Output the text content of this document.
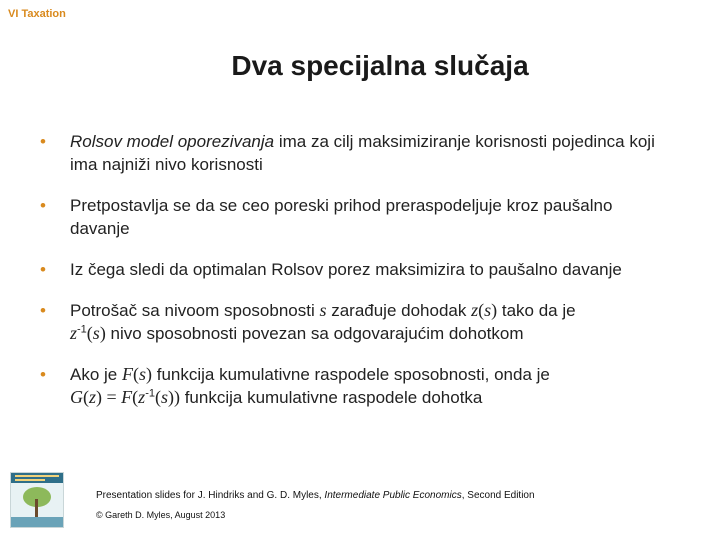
VI Taxation
Dva specijalna slučaja
• Rolsov model oporezivanja ima za cilj maksimiziranje korisnosti pojedinca koji ima najniži nivo korisnosti
• Pretpostavlja se da se ceo poreski prihod preraspodeljuje kroz paušalno davanje
• Iz čega sledi da optimalan Rolsov porez maksimizira to paušalno davanje
• Potrošač sa nivoom sposobnosti s zarađuje dohodak z(s) tako da je
$z^{-1}(s)$ nivo sposobnosti povezan sa odgovarajućim dohotkom
• Ako je F(s) funkcija kumulativne raspodele sposobnosti, onda je
$G(z) = F(z^{-1}(s))$ funkcija kumulativne raspodele dohotka
Presentation slides for J. Hindriks and G. D. Myles, Intermediate Public Economics, Second Edition
© Gareth D. Myles, August 2013
